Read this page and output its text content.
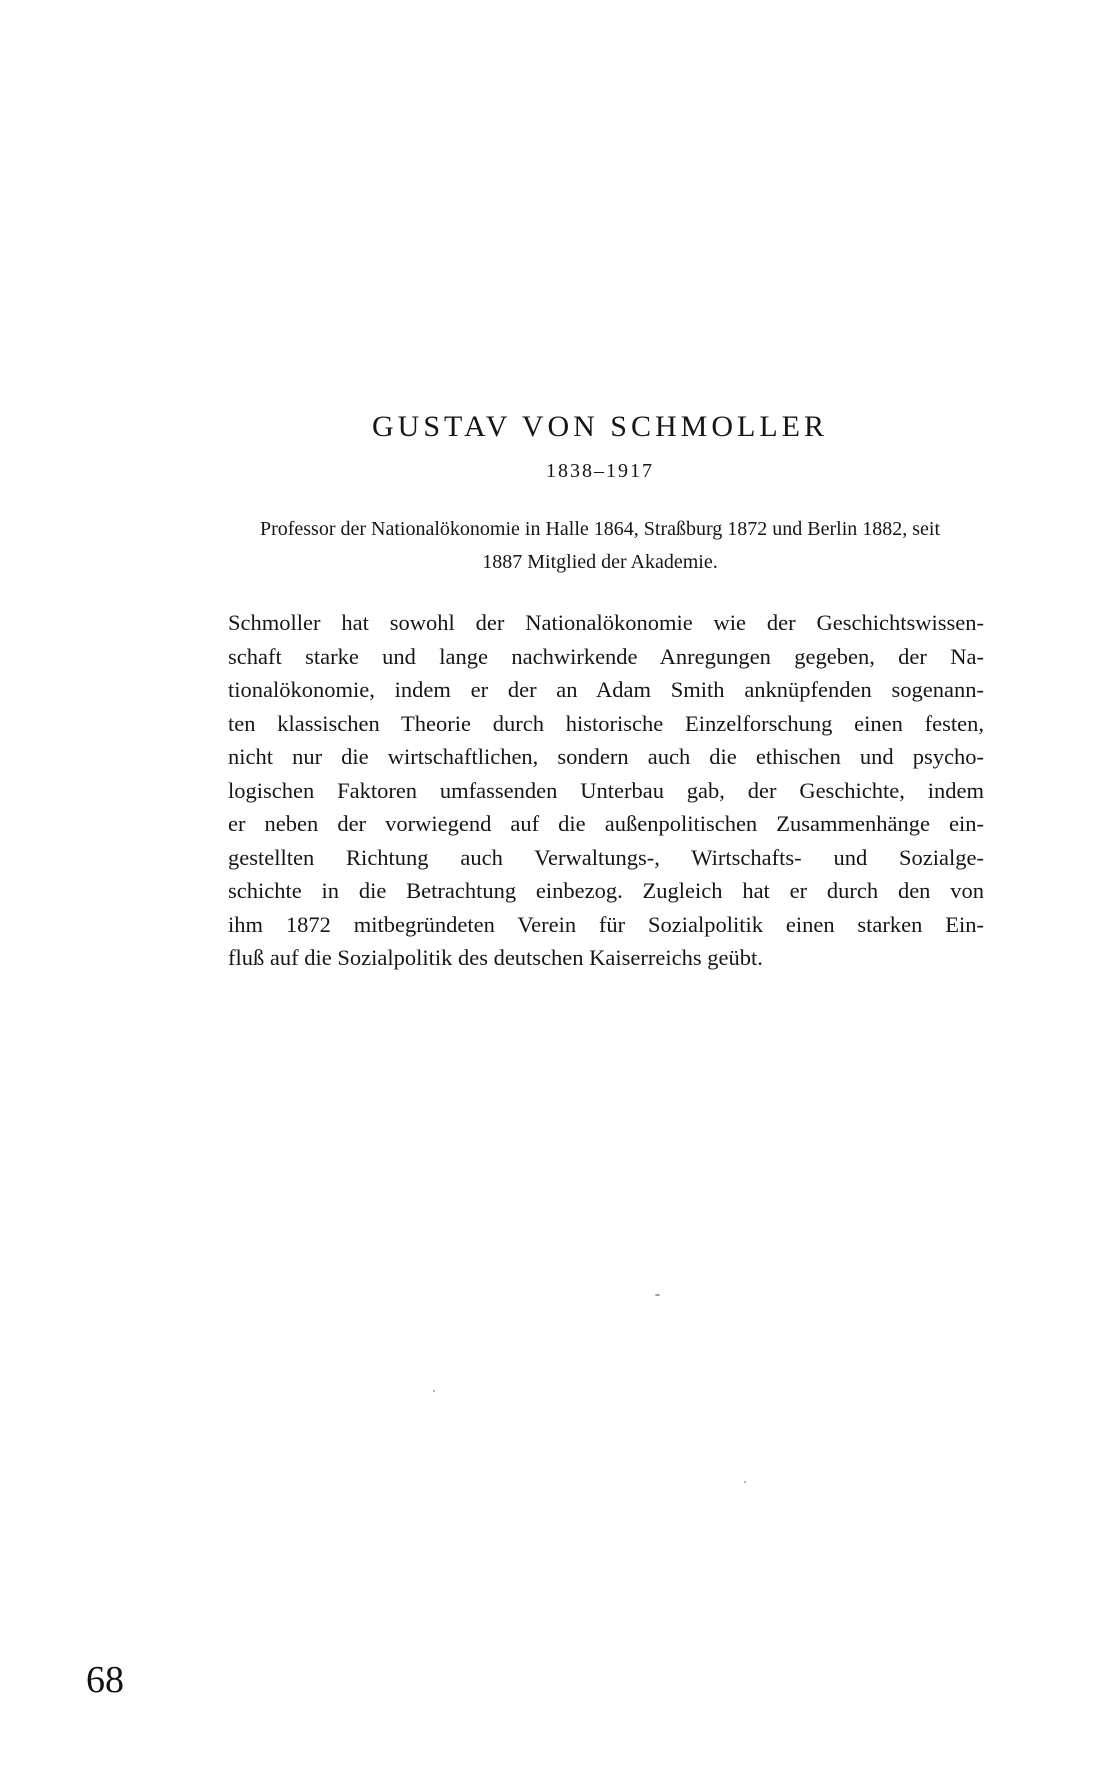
GUSTAV VON SCHMOLLER
1838–1917
Professor der Nationalökonomie in Halle 1864, Straßburg 1872 und Berlin 1882, seit
1887 Mitglied der Akademie.
Schmoller hat sowohl der Nationalökonomie wie der Geschichtswissen-
schaft starke und lange nachwirkende Anregungen gegeben, der Na-
tionalökonomie, indem er der an Adam Smith anknüpfenden sogenann-
ten klassischen Theorie durch historische Einzelforschung einen festen,
nicht nur die wirtschaftlichen, sondern auch die ethischen und psycho-
logischen Faktoren umfassenden Unterbau gab, der Geschichte, indem
er neben der vorwiegend auf die außenpolitischen Zusammenhänge ein-
gestellten Richtung auch Verwaltungs-, Wirtschafts- und Sozialge-
schichte in die Betrachtung einbezog. Zugleich hat er durch den von
ihm 1872 mitbegründeten Verein für Sozialpolitik einen starken Ein-
fluß auf die Sozialpolitik des deutschen Kaiserreichs geübt.
68
